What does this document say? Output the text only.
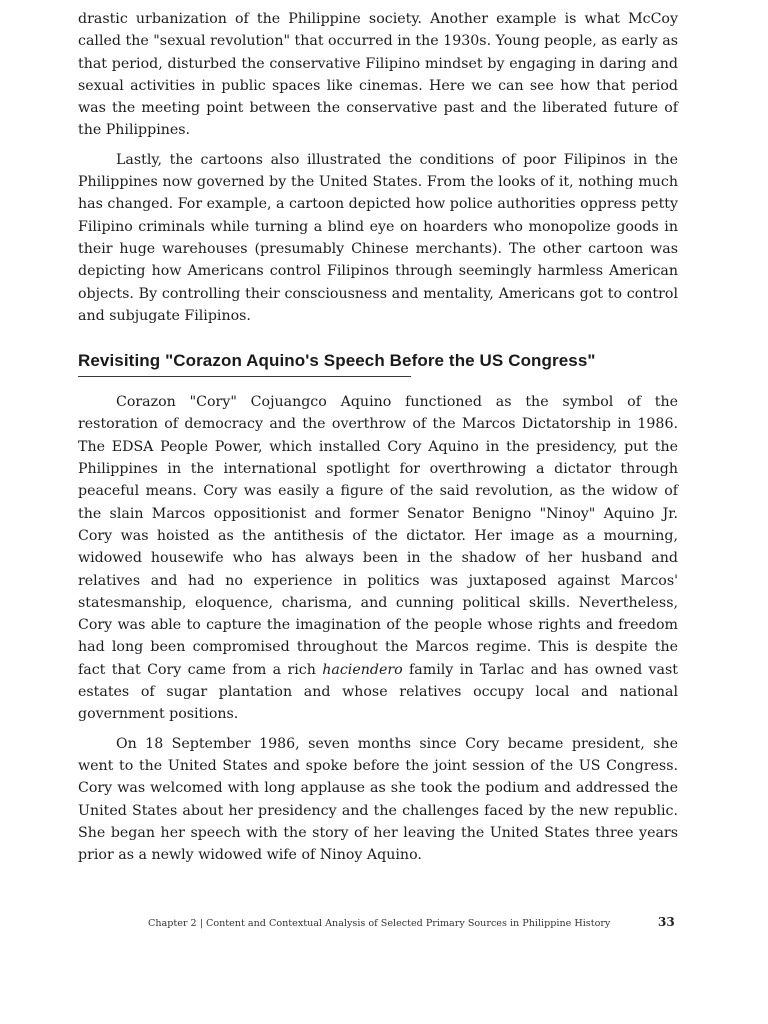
drastic urbanization of the Philippine society. Another example is what McCoy called the "sexual revolution" that occurred in the 1930s. Young people, as early as that period, disturbed the conservative Filipino mindset by engaging in daring and sexual activities in public spaces like cinemas. Here we can see how that period was the meeting point between the conservative past and the liberated future of the Philippines.

Lastly, the cartoons also illustrated the conditions of poor Filipinos in the Philippines now governed by the United States. From the looks of it, nothing much has changed. For example, a cartoon depicted how police authorities oppress petty Filipino criminals while turning a blind eye on hoarders who monopolize goods in their huge warehouses (presumably Chinese merchants). The other cartoon was depicting how Americans control Filipinos through seemingly harmless American objects. By controlling their consciousness and mentality, Americans got to control and subjugate Filipinos.

Revisiting "Corazon Aquino's Speech Before the US Congress"

Corazon "Cory" Cojuangco Aquino functioned as the symbol of the restoration of democracy and the overthrow of the Marcos Dictatorship in 1986. The EDSA People Power, which installed Cory Aquino in the presidency, put the Philippines in the international spotlight for overthrowing a dictator through peaceful means. Cory was easily a figure of the said revolution, as the widow of the slain Marcos oppositionist and former Senator Benigno "Ninoy" Aquino Jr. Cory was hoisted as the antithesis of the dictator. Her image as a mourning, widowed housewife who has always been in the shadow of her husband and relatives and had no experience in politics was juxtaposed against Marcos' statesmanship, eloquence, charisma, and cunning political skills. Nevertheless, Cory was able to capture the imagination of the people whose rights and freedom had long been compromised throughout the Marcos regime. This is despite the fact that Cory came from a rich haciendero family in Tarlac and has owned vast estates of sugar plantation and whose relatives occupy local and national government positions.

On 18 September 1986, seven months since Cory became president, she went to the United States and spoke before the joint session of the US Congress. Cory was welcomed with long applause as she took the podium and addressed the United States about her presidency and the challenges faced by the new republic. She began her speech with the story of her leaving the United States three years prior as a newly widowed wife of Ninoy Aquino.

Chapter 2 | Content and Contextual Analysis of Selected Primary Sources in Philippine History	33
